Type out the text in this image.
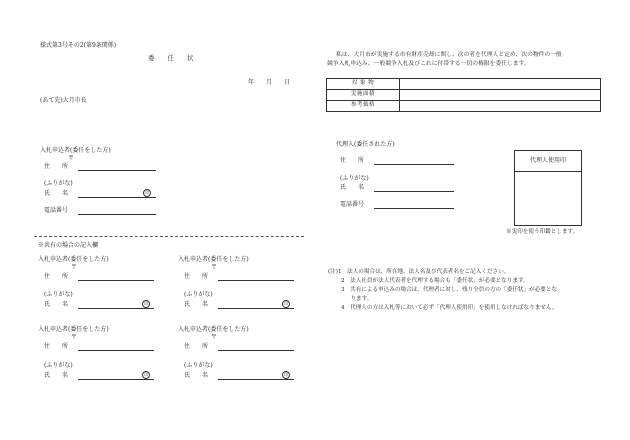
様式第3号その2(第9条関係)
委　　任　　状
年　　月　　日
(あて先)大月市長
入札申込者(委任をした方)
〒
住　　所
(ふりがな)
氏　　名	印
電話番号
※共有の場合の記入欄
入札申込者(委任をした方)
〒
住　　所
(ふりがな)
氏　　名	印
入札申込者(委任をした方)
〒
住　　所
(ふりがな)
氏　　名	印
入札申込者(委任をした方)
〒
住　　所
(ふりがな)
氏　　名	印
入札申込者(委任をした方)
〒
住　　所
(ふりがな)
氏　　名	印
私は、大月市が実施する市有財産売却に関し、次の者を代理人と定め、次の物件の一般
競争入札申込み、一般競争入札及びこれに付帯する一切の権限を委任します。
対 象 物	
実施面積	
参考価格	
代理人(委任された方)
住　　所
(ふりがな)
氏　　名
電話番号
代理人使用印
※実印を使う印鑑とします。
(注)1　法人の場合は、所在地、法人名及び代表者名をご記入ください。
　　 2　法人社員が法人代表者を代理する場合も「委任状」が必要となります。
　　 3　共有による申込みの場合は、代理者に対し、残り全員の方の「委任状」が必要とな
　　　　ります。
　　 4　代理人の方は入札等において必ず「代理人使用印」を使用しなければなりません。
